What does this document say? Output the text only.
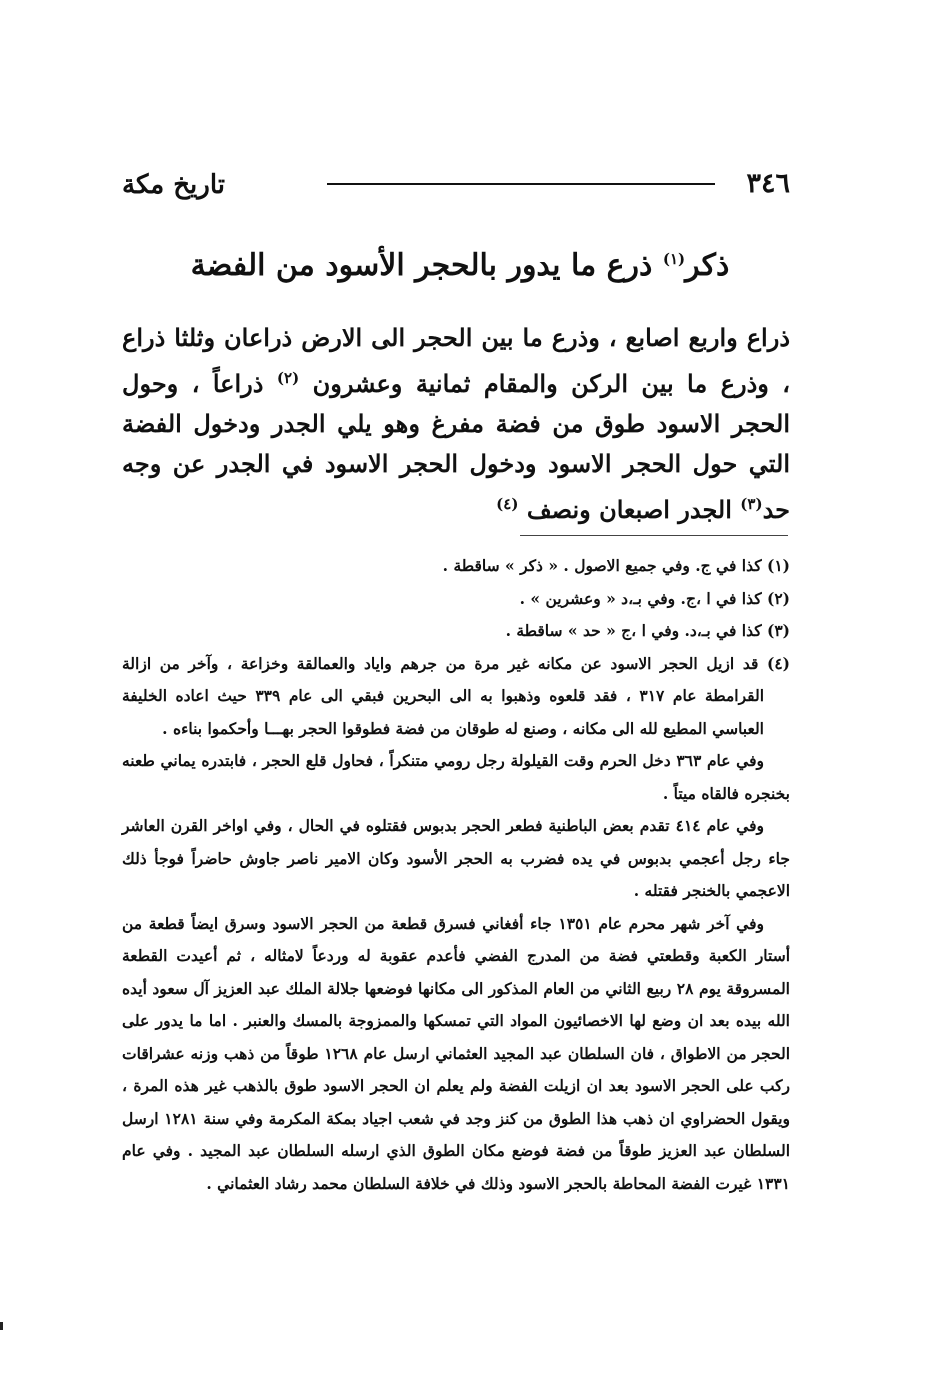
تاريخ مكة	٣٤٦
ذكر$^{(١)}$ ذرع ما يدور بالحجر الأسود من الفضة

ذراع واربع اصابع ، وذرع ما بين الحجر الى الارض ذراعان وثلثا ذراع ، وذرع ما بين الركن والمقام ثمانية وعشرون $^{(٢)}$ ذراعاً ، وحول الحجر الاسود طوق من فضة مفرغ وهو يلي الجدر ودخول الفضة التي حول الحجر الاسود ودخول الحجر الاسود في الجدر عن وجه حد$^{(٣)}$ الجدر اصبعان ونصف $^{(٤)}$

(١) كذا في ج. وفي جميع الاصول . « ذكر » ساقطة .

(٢) كذا في ا ،ج. وفي بـ،د « وعشرين » .

(٣) كذا في بـ،د. وفي ا ،ج « حد » ساقطة .

(٤) قد ازيل الحجر الاسود عن مكانه غير مرة من جرهم واياد والعمالقة وخزاعة ، وآخر من ازالة القرامطة عام ٣١٧ ، فقد قلعوه وذهبوا به الى البحرين فبقي الى عام ٣٣٩ حيث اعاده الخليفة العباسي المطيع لله الى مكانه ، وصنع له طوقان من فضة فطوقوا الحجر بهـــا وأحكموا بناءه .

وفي عام ٣٦٣ دخل الحرم وقت القيلولة رجل رومي متنكراً ، فحاول قلع الحجر ، فابتدره يماني طعنه بخنجره فالقاه ميتاً .

وفي عام ٤١٤ تقدم بعض الباطنية فطعر الحجر بدبوس فقتلوه في الحال ، وفي اواخر القرن العاشر جاء رجل أعجمي بدبوس في يده فضرب به الحجر الأسود وكان الامير ناصر جاوش حاضراً فوجأ ذلك الاعجمي بالخنجر فقتله .

وفي آخر شهر محرم عام ١٣٥١ جاء أفغاني فسرق قطعة من الحجر الاسود وسرق ايضاً قطعة من أستار الكعبة وقطعتي فضة من المدرج الفضي فأعدم عقوبة له وردعاً لامثاله ، ثم أعيدت القطعة المسروقة يوم ٢٨ ربيع الثاني من العام المذكور الى مكانها فوضعها جلالة الملك عبد العزيز آل سعود أيده الله بيده بعد ان وضع لها الاخصائيون المواد التي تمسكها والممزوجة بالمسك والعنبر . اما ما يدور على الحجر من الاطواق ، فان السلطان عبد المجيد العثماني ارسل عام ١٢٦٨ طوقاً من ذهب وزنه عشراقات ركب على الحجر الاسود بعد ان ازيلت الفضة ولم يعلم ان الحجر الاسود طوق بالذهب غير هذه المرة ، ويقول الحضراوي ان ذهب هذا الطوق من كنز وجد في شعب اجياد بمكة المكرمة وفي سنة ١٢٨١ ارسل السلطان عبد العزيز طوقاً من فضة فوضع مكان الطوق الذي ارسله السلطان عبد المجيد . وفي عام ١٣٣١ غيرت الفضة المحاطة بالحجر الاسود وذلك في خلافة السلطان محمد رشاد العثماني .
